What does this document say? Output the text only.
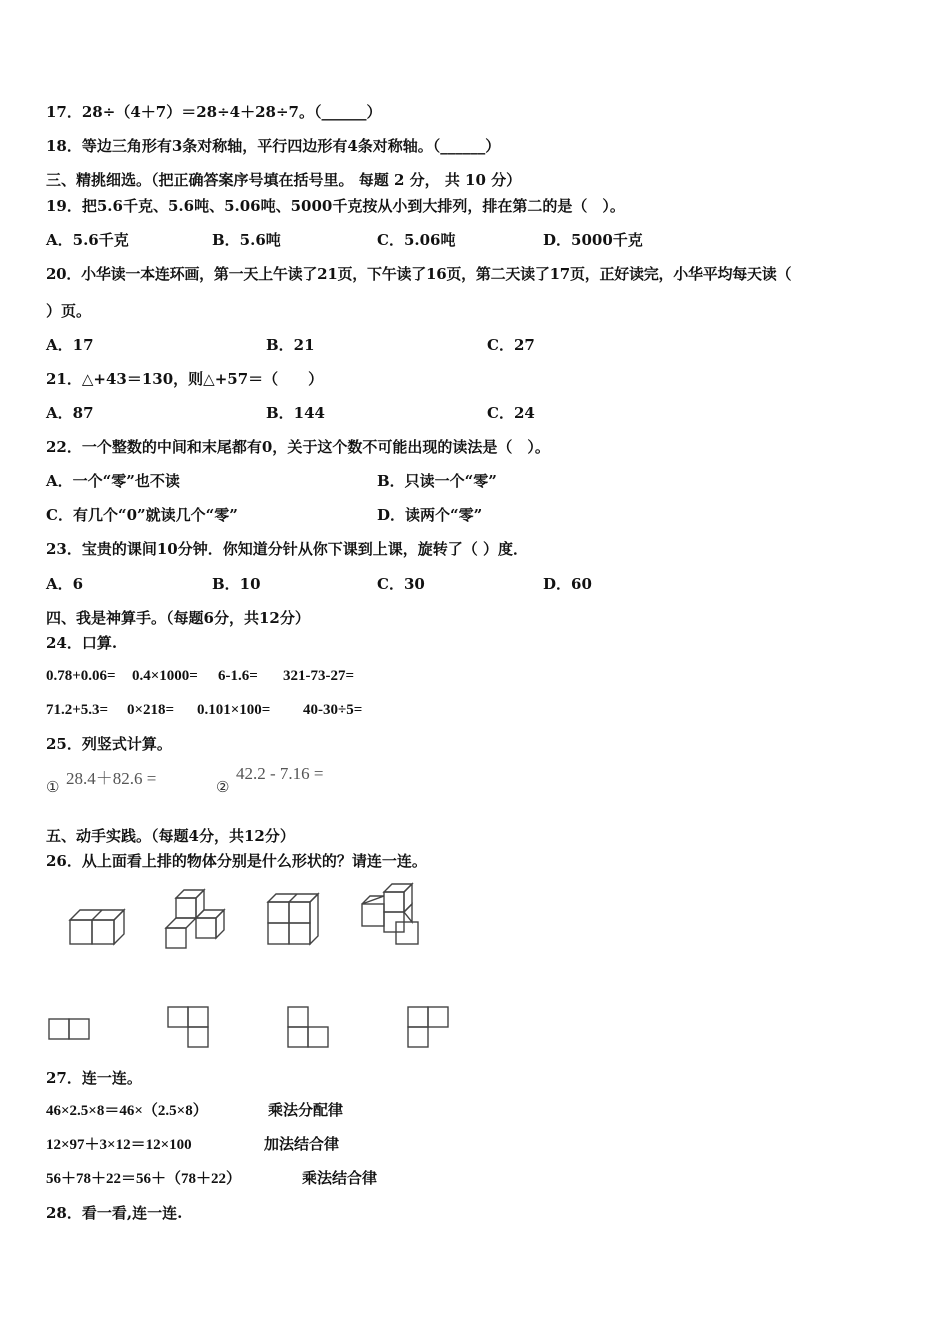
17．28÷（4＋7）＝28÷4＋28÷7。（______）
18．等边三角形有3条对称轴，平行四边形有4条对称轴。（______）
三、精挑细选。（把正确答案序号填在括号里。 每题 2 分， 共 10 分）
19．把5.6千克、5.6吨、5.06吨、5000千克按从小到大排列，排在第二的是（　）。
A．5.6千克	B．5.6吨	C．5.06吨	D．5000千克
20．小华读一本连环画，第一天上午读了21页，下午读了16页，第二天读了17页，正好读完，小华平均每天读（
）页。
A．17	B．21	C．27
21．△+43＝130，则△+57＝（　　）
A．87	B．144	C．24
22．一个整数的中间和末尾都有0，关于这个数不可能出现的读法是（　）。
A．一个“零”也不读	B．只读一个“零”
C．有几个“0”就读几个“零”	D．读两个“零”
23．宝贵的课间10分钟．你知道分针从你下课到上课，旋转了（ ）度．
A．6	B．10	C．30	D．60
四、我是神算手。（每题6分，共12分）
24．口算.
0.78+0.06= 0.4×1000= 6-1.6= 321-73-27=
71.2+5.3= 0×218= 0.101×100= 40-30÷5=
25．列竖式计算。
① 28.4＋82.6 =	②
42.2 - 7.16 =
五、动手实践。（每题4分，共12分）
26．从上面看上排的物体分别是什么形状的？请连一连。
27．连一连。
46×2.5×8＝46×（2.5×8）	乘法分配律
12×97＋3×12＝12×100	加法结合律
56＋78＋22＝56＋（78＋22）	乘法结合律
28．看一看,连一连.
